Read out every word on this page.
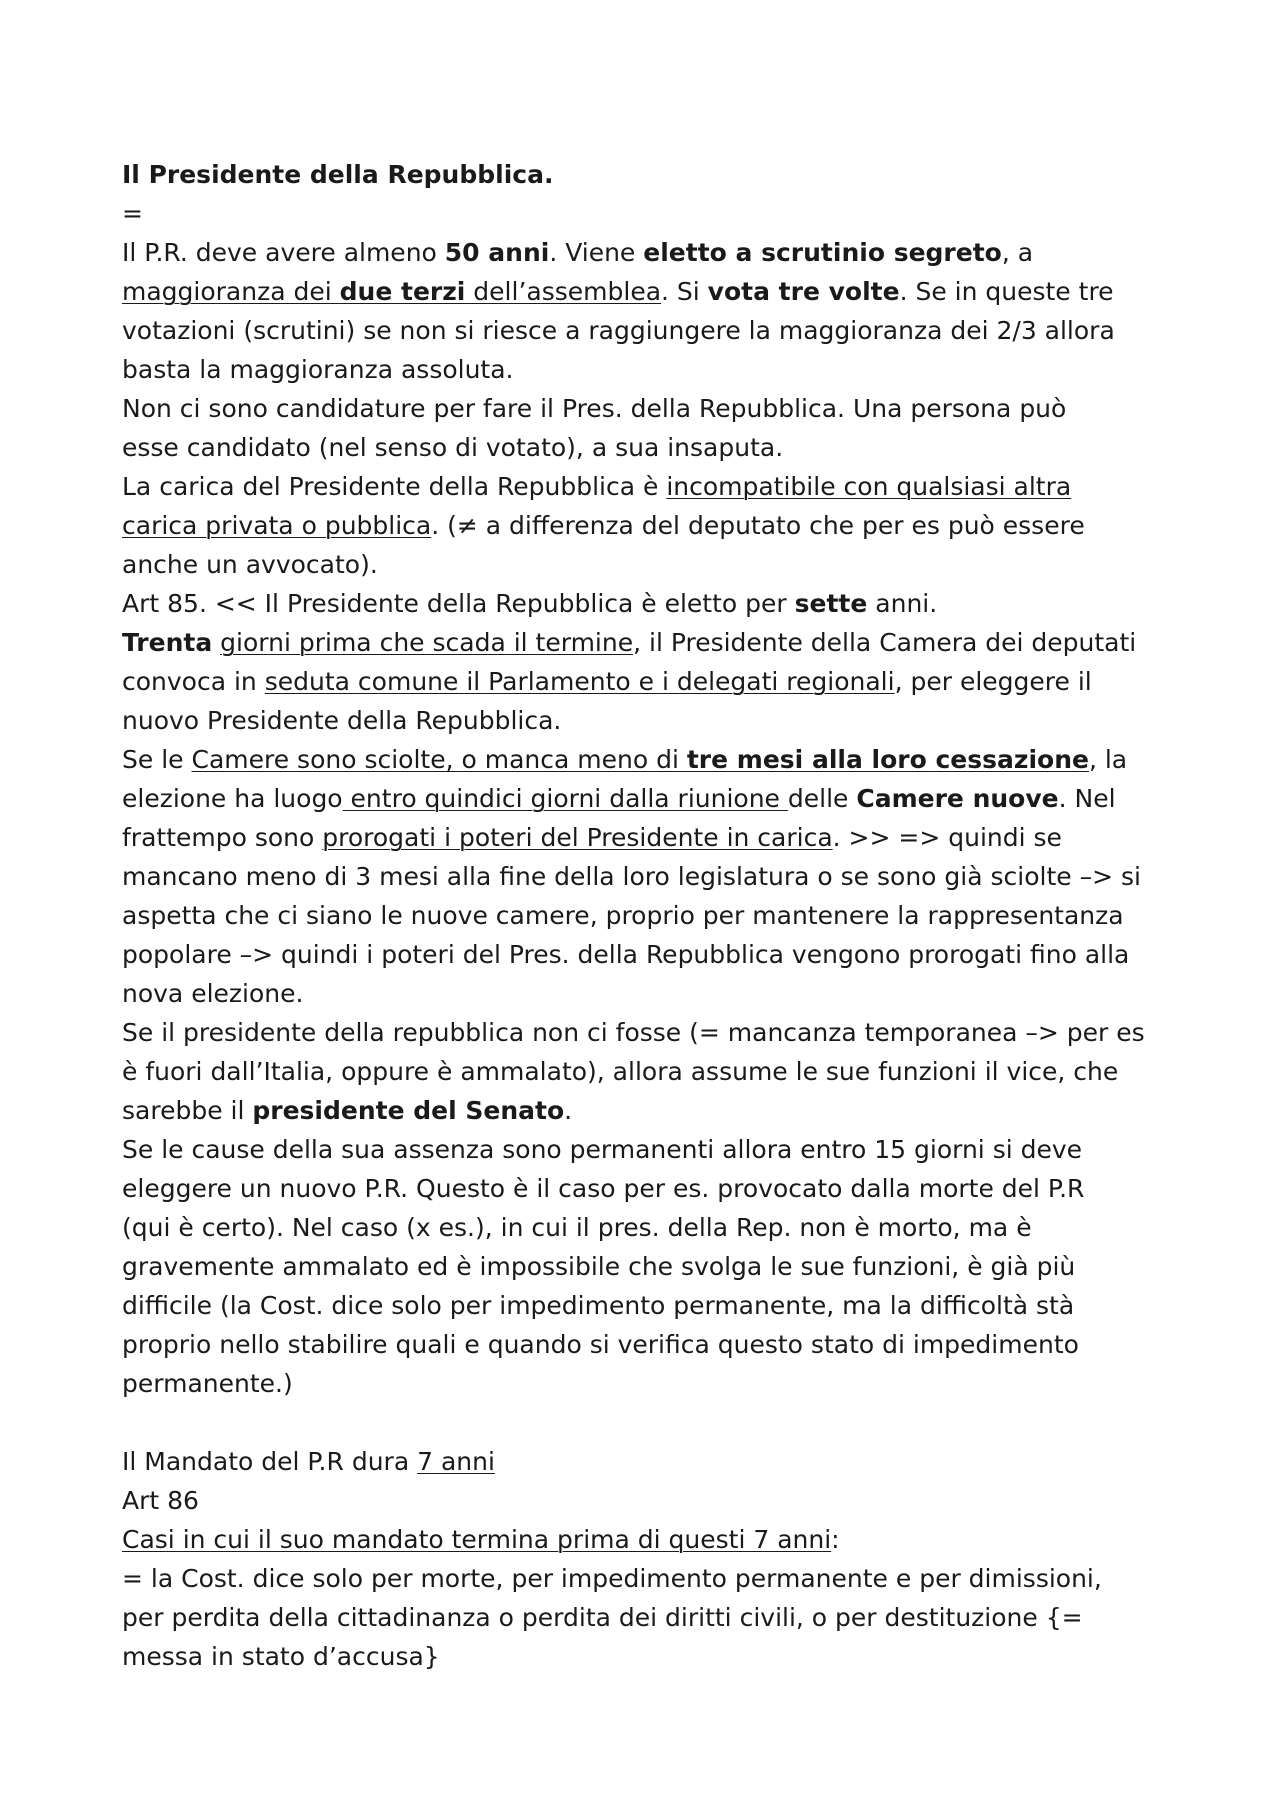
Il Presidente della Repubblica.
=
Il P.R. deve avere almeno 50 anni. Viene eletto a scrutinio segreto, a
maggioranza dei due terzi dell’assemblea. Si vota tre volte. Se in queste tre
votazioni (scrutini) se non si riesce a raggiungere la maggioranza dei 2/3 allora
basta la maggioranza assoluta.
Non ci sono candidature per fare il Pres. della Repubblica. Una persona può
esse candidato (nel senso di votato), a sua insaputa.
La carica del Presidente della Repubblica è incompatibile con qualsiasi altra
carica privata o pubblica. (≠ a differenza del deputato che per es può essere
anche un avvocato).
Art 85. << Il Presidente della Repubblica è eletto per sette anni.
Trenta giorni prima che scada il termine, il Presidente della Camera dei deputati
convoca in seduta comune il Parlamento e i delegati regionali, per eleggere il
nuovo Presidente della Repubblica.
Se le Camere sono sciolte, o manca meno di tre mesi alla loro cessazione, la
elezione ha luogo entro quindici giorni dalla riunione delle Camere nuove. Nel
frattempo sono prorogati i poteri del Presidente in carica. >> => quindi se
mancano meno di 3 mesi alla fine della loro legislatura o se sono già sciolte –> si
aspetta che ci siano le nuove camere, proprio per mantenere la rappresentanza
popolare –> quindi i poteri del Pres. della Repubblica vengono prorogati fino alla
nova elezione.
Se il presidente della repubblica non ci fosse (= mancanza temporanea –> per es
è fuori dall’Italia, oppure è ammalato), allora assume le sue funzioni il vice, che
sarebbe il presidente del Senato.
Se le cause della sua assenza sono permanenti allora entro 15 giorni si deve
eleggere un nuovo P.R. Questo è il caso per es. provocato dalla morte del P.R
(qui è certo). Nel caso (x es.), in cui il pres. della Rep. non è morto, ma è
gravemente ammalato ed è impossibile che svolga le sue funzioni, è già più
difficile (la Cost. dice solo per impedimento permanente, ma la difficoltà stà
proprio nello stabilire quali e quando si verifica questo stato di impedimento
permanente.)
Il Mandato del P.R dura 7 anni
Art 86
Casi in cui il suo mandato termina prima di questi 7 anni:
= la Cost. dice solo per morte, per impedimento permanente e per dimissioni,
per perdita della cittadinanza o perdita dei diritti civili, o per destituzione {=
messa in stato d’accusa}
